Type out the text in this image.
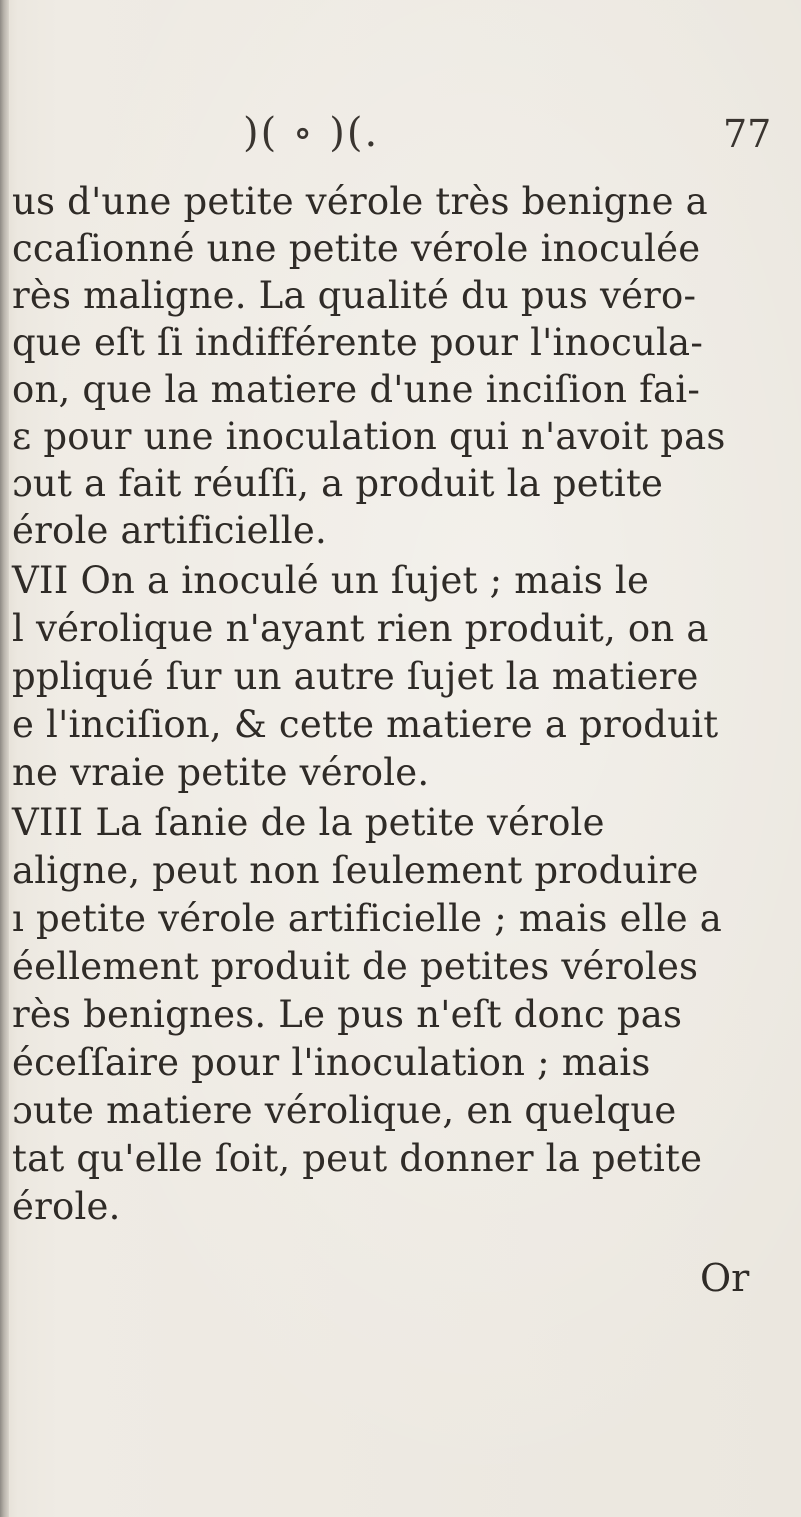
)( ∘ )(.	77
us d'une petite vérole très benigne a
ccaſionné une petite vérole inoculée
rès maligne. La qualité du pus véro-
que eſt ſi indifférente pour l'inocula-
on, que la matiere d'une inciſion fai-
ɛ pour une inoculation qui n'avoit pas
ɔut a fait réuſſi, a produit la petite
érole artificielle.
VII On a inoculé un ſujet ; mais le
l vérolique n'ayant rien produit, on a
ppliqué ſur un autre ſujet la matiere
e l'inciſion, & cette matiere a produit
ne vraie petite vérole.
VIII La ſanie de la petite vérole
aligne, peut non ſeulement produire
ı petite vérole artificielle ; mais elle a
éellement produit de petites véroles
rès benignes. Le pus n'eſt donc pas
éceſſaire pour l'inoculation ; mais
ɔute matiere vérolique, en quelque
tat qu'elle ſoit, peut donner la petite
érole.
Or
